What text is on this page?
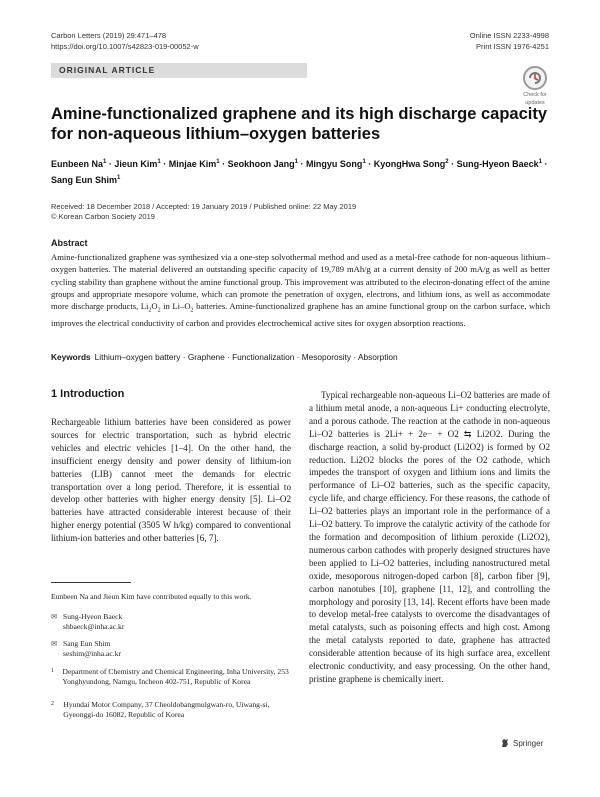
Carbon Letters (2019) 29:471–478
https://doi.org/10.1007/s42823-019-00052-w
Online ISSN 2233-4998
Print ISSN 1976-4251
ORIGINAL ARTICLE
Check for
updates
Amine-functionalized graphene and its high discharge capacity
for non-aqueous lithium–oxygen batteries
Eunbeen $Na^1$ · Jieun Kim$^1$ · Minjae Kim$^1$ · Seokhoon Jang$^1$ · Mingyu Song$^1$ · KyongHwa Song$^2$ · Sung-Hyeon Baeck$^1$ · Sang Eun Shim$^1$
Received: 18 December 2018 / Accepted: 19 January 2019 / Published online: 22 May 2019
© Korean Carbon Society 2019
Abstract
Amine-functionalized graphene was synthesized via a one-step solvothermal method and used as a metal-free cathode for non-aqueous lithium–oxygen batteries. The material delivered an outstanding specific capacity of 19,789 mAh/g at a current density of 200 mA/g as well as better cycling stability than graphene without the amine functional group. This improvement was attributed to the electron-donating effect of the amine groups and appropriate mesopore volume, which can promote the penetration of oxygen, electrons, and lithium ions, as well as accommodate more discharge products, $Li_2O_2$ in $Li-O_2$ batteries. Amine-functionalized graphene has an amine functional group on the carbon surface, which improves the electrical conductivity of carbon and provides electrochemical active sites for oxygen absorption reactions.
Keywords Lithium–oxygen battery · Graphene · Functionalization · Mesoporosity · Absorption
1 Introduction
Rechargeable lithium batteries have been considered as power sources for electric transportation, such as hybrid electric vehicles and electric vehicles [1–4]. On the other hand, the insufficient energy density and power density of lithium-ion batteries (LIB) cannot meet the demands for electric transportation over a long period. Therefore, it is essential to develop other batteries with higher energy density [5]. Li–O2 batteries have attracted considerable interest because of their higher energy potential (3505 W h/kg) compared to conventional lithium-ion batteries and other batteries [6, 7].
Typical rechargeable non-aqueous Li–O2 batteries are made of a lithium metal anode, a non-aqueous Li+ conducting electrolyte, and a porous cathode. The reaction at the cathode in non-aqueous Li–O2 batteries is 2Li+ + 2e− + O2 ⇆ Li2O2. During the discharge reaction, a solid by-product (Li2O2) is formed by O2 reduction. Li2O2 blocks the pores of the O2 cathode, which impedes the transport of oxygen and lithium ions and limits the performance of Li–O2 batteries, such as the specific capacity, cycle life, and charge efficiency. For these reasons, the cathode of Li–O2 batteries plays an important role in the performance of a Li–O2 battery. To improve the catalytic activity of the cathode for the formation and decomposition of lithium peroxide (Li2O2), numerous carbon cathodes with properly designed structures have been applied to Li–O2 batteries, including nanostructured metal oxide, mesoporous nitrogen-doped carbon [8], carbon fiber [9], carbon nanotubes [10], graphene [11, 12], and controlling the morphology and porosity [13, 14]. Recent efforts have been made to develop metal-free catalysts to overcome the disadvantages of metal catalysts, such as poisoning effects and high cost. Among the metal catalysts reported to date, graphene has attracted considerable attention because of its high surface area, excellent electronic conductivity, and easy processing. On the other hand, pristine graphene is chemically inert.
Eunbeen Na and Jieun Kim have contributed equally to this work.
✉ Sung-Hyeon Baeck
shbaeck@inha.ac.kr
✉ Sang Eun Shim
seshim@inha.ac.kr
1 Department of Chemistry and Chemical Engineering, Inha University, 253 Yonghyundong, Namgu, Incheon 402-751, Republic of Korea
2 Hyundai Motor Company, 37 Cheoldobangmulgwan-ro, Uiwang-si, Gyeonggi-do 16082, Republic of Korea
Springer
